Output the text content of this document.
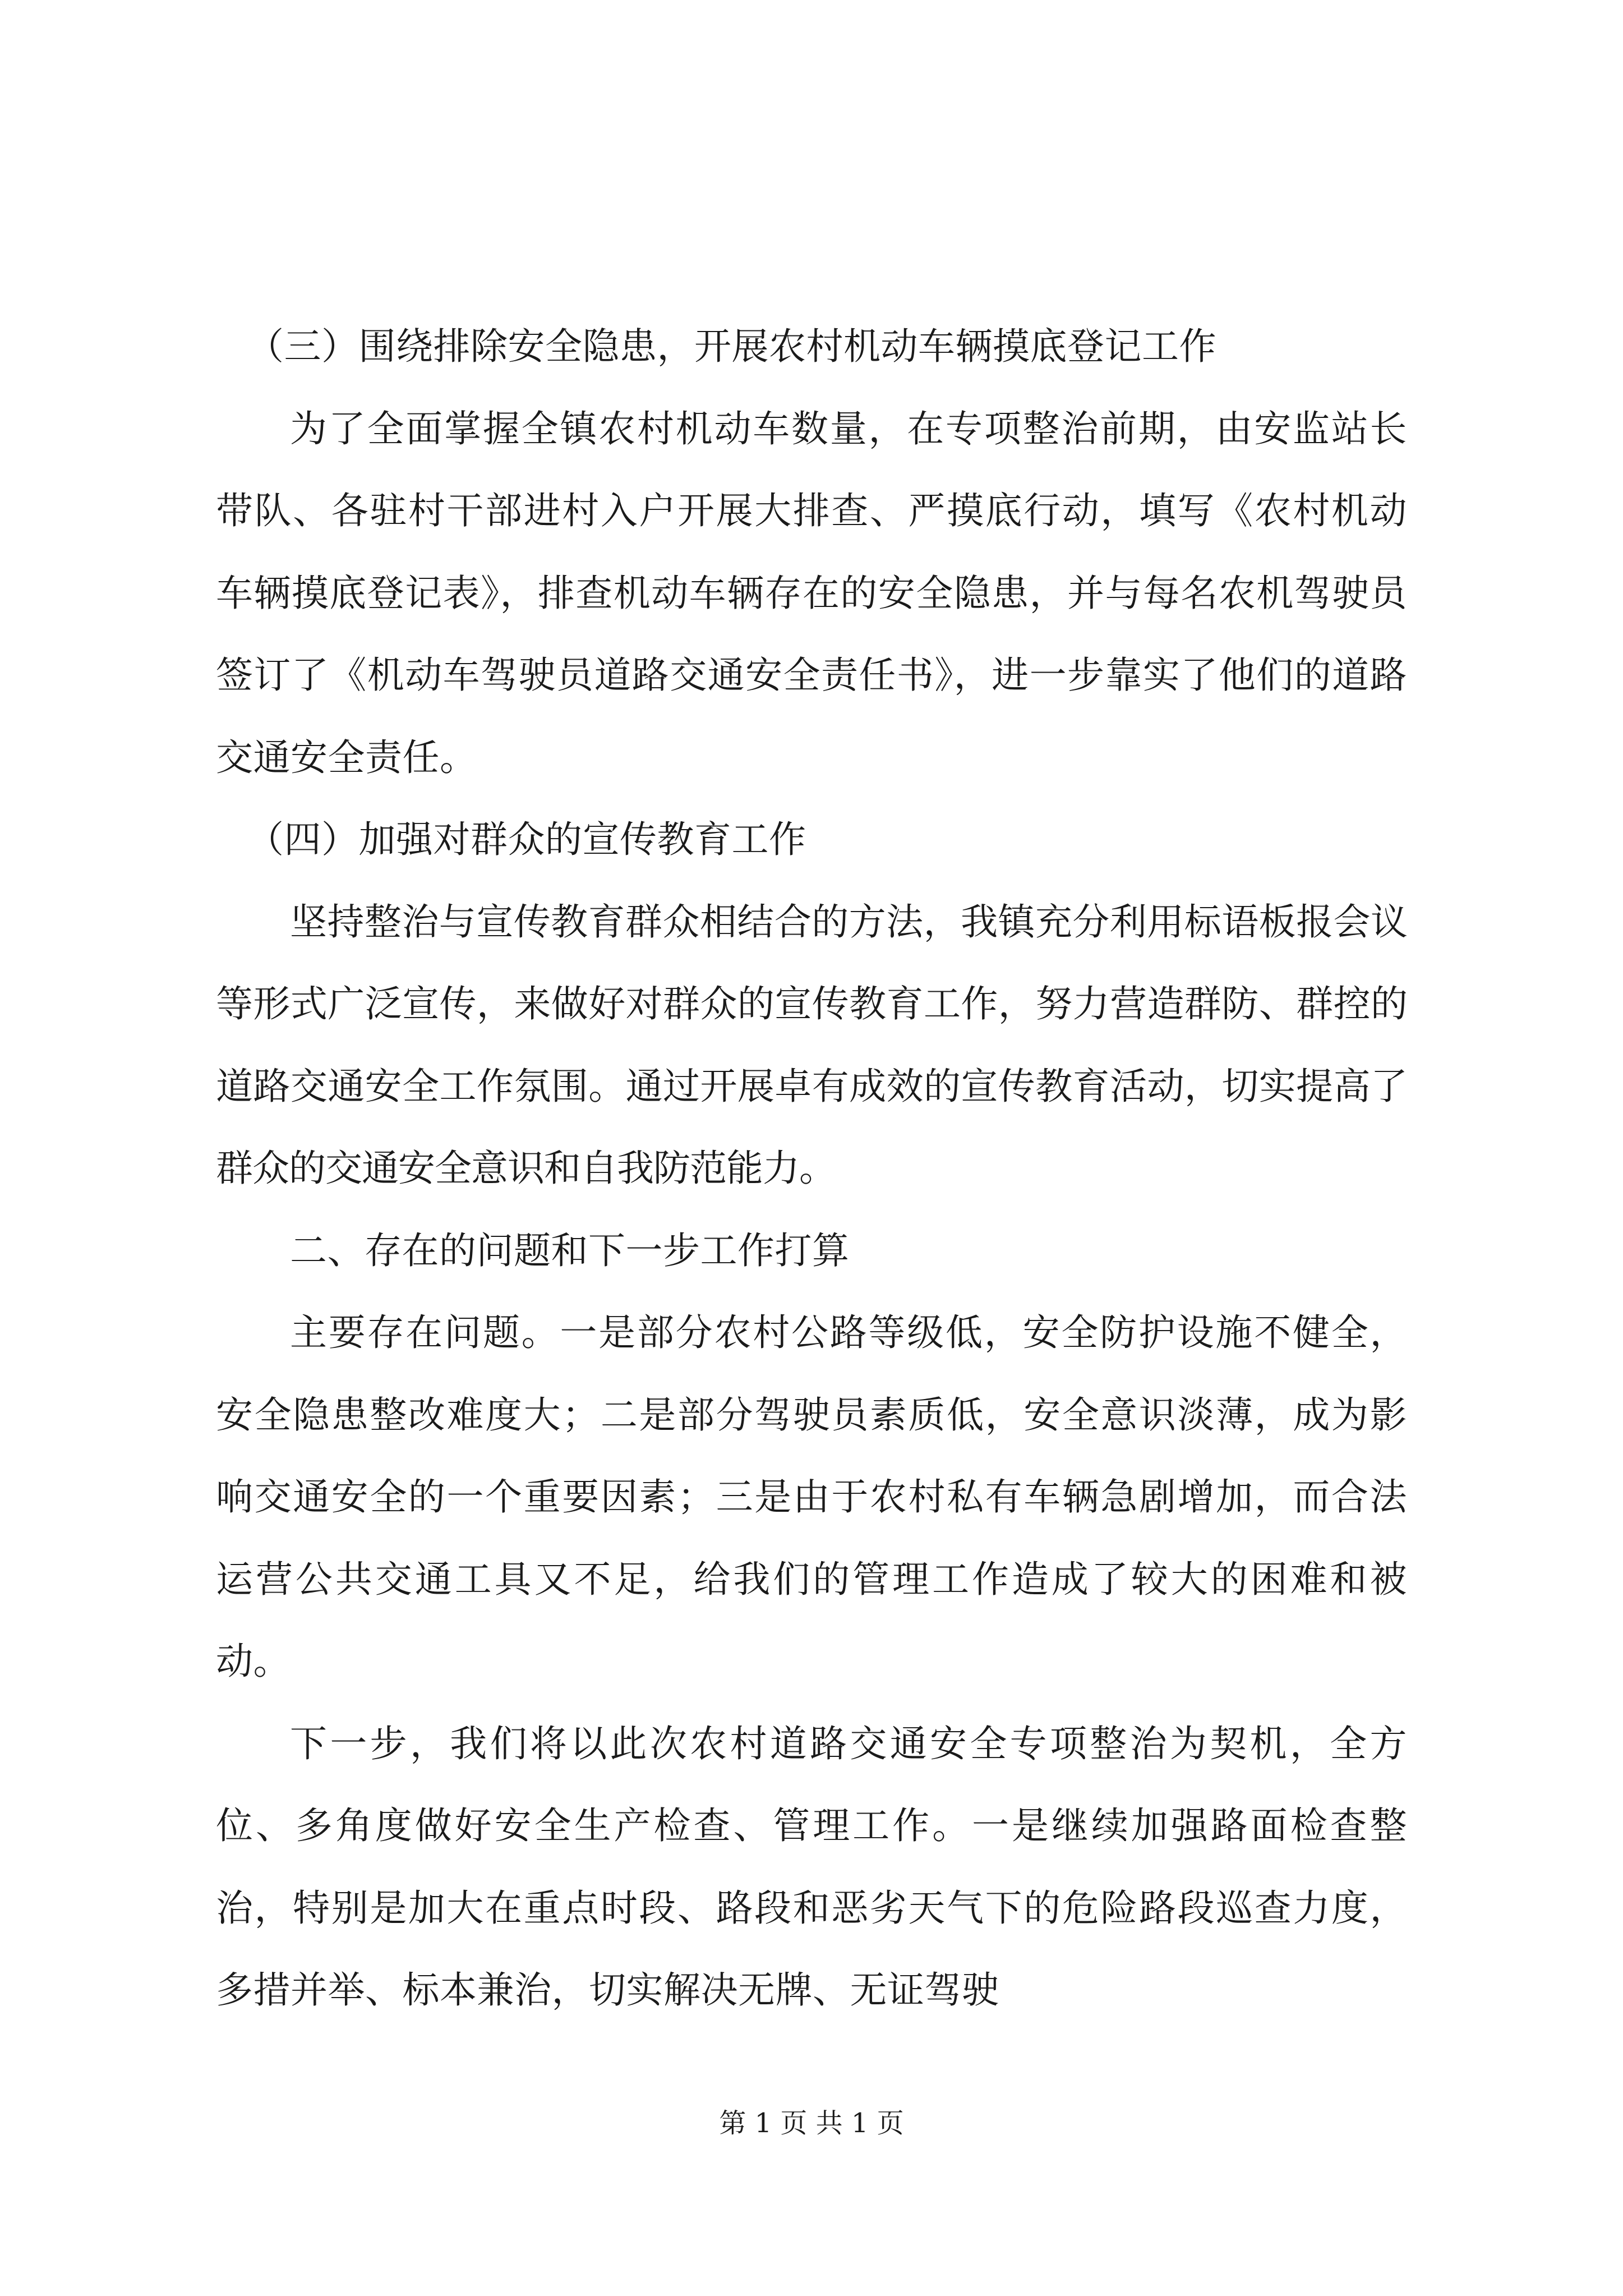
（三）围绕排除安全隐患，开展农村机动车辆摸底登记工作

为了全面掌握全镇农村机动车数量，在专项整治前期，由安监站长带队、各驻村干部进村入户开展大排查、严摸底行动，填写《农村机动车辆摸底登记表》，排查机动车辆存在的安全隐患，并与每名农机驾驶员签订了《机动车驾驶员道路交通安全责任书》，进一步靠实了他们的道路交通安全责任。

（四）加强对群众的宣传教育工作

坚持整治与宣传教育群众相结合的方法，我镇充分利用标语板报会议等形式广泛宣传，来做好对群众的宣传教育工作，努力营造群防、群控的道路交通安全工作氛围。通过开展卓有成效的宣传教育活动，切实提高了群众的交通安全意识和自我防范能力。

二、存在的问题和下一步工作打算

主要存在问题。一是部分农村公路等级低，安全防护设施不健全，安全隐患整改难度大；二是部分驾驶员素质低，安全意识淡薄，成为影响交通安全的一个重要因素；三是由于农村私有车辆急剧增加，而合法运营公共交通工具又不足，给我们的管理工作造成了较大的困难和被动。

下一步，我们将以此次农村道路交通安全专项整治为契机，全方位、多角度做好安全生产检查、管理工作。一是继续加强路面检查整治，特别是加大在重点时段、路段和恶劣天气下的危险路段巡查力度，多措并举、标本兼治，切实解决无牌、无证驾驶

第 1 页 共 1 页
